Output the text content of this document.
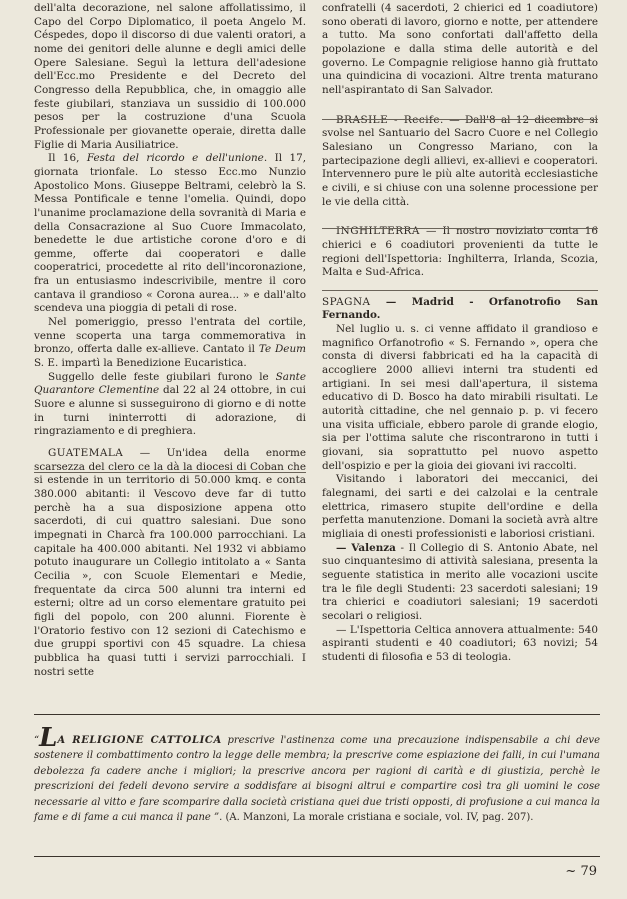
dell'alta decorazione, nel salone affollatissimo, il Capo del Corpo Diplomatico, il poeta Angelo M. Céspedes, dopo il discorso di due valenti oratori, a nome dei genitori delle alunne e degli amici delle Opere Salesiane. Seguì la lettura dell'adesione dell'Ecc.mo Presidente e del Decreto del Congresso della Repubblica, che, in omaggio alle feste giubilari, stanziava un sussidio di 100.000 pesos per la costruzione d'una Scuola Professionale per giovanette operaie, diretta dalle Figlie di Maria Ausiliatrice.

Il 16, Festa del ricordo e dell'unione. Il 17, giornata trionfale. Lo stesso Ecc.mo Nunzio Apostolico Mons. Giuseppe Beltrami, celebrò la S. Messa Pontificale e tenne l'omelia. Quindi, dopo l'unanime proclamazione della sovranità di Maria e della Consacrazione al Suo Cuore Immacolato, benedette le due artistiche corone d'oro e di gemme, offerte dai cooperatori e dalle cooperatrici, procedette al rito dell'incoronazione, fra un entusiasmo indescrivibile, mentre il coro cantava il grandioso « Corona aurea... » e dall'alto scendeva una pioggia di petali di rose.

Nel pomeriggio, presso l'entrata del cortile, venne scoperta una targa commemorativa in bronzo, offerta dalle ex-allieve. Cantato il Te Deum S. E. impartì la Benedizione Eucaristica.

Suggello delle feste giubilari furono le Sante Quarantore Clementine dal 22 al 24 ottobre, in cui Suore e alunne si susseguirono di giorno e di notte in turni ininterrotti di adorazione, di ringraziamento e di preghiera.

GUATEMALA — Un'idea della enorme scarsezza del clero ce la dà la diocesi di Coban che si estende in un territorio di 50.000 kmq. e conta 380.000 abitanti: il Vescovo deve far di tutto perchè ha a sua disposizione appena otto sacerdoti, di cui quattro salesiani. Due sono impegnati in Charcà fra 100.000 parrocchiani. La capitale ha 400.000 abitanti. Nel 1932 vi abbiamo potuto inaugurare un Collegio intitolato a « Santa Cecilia », con Scuole Elementari e Medie, frequentate da circa 500 alunni tra interni ed esterni; oltre ad un corso elementare gratuito pei figli del popolo, con 200 alunni. Fiorente è l'Oratorio festivo con 12 sezioni di Catechismo e due gruppi sportivi con 45 squadre. La chiesa pubblica ha quasi tutti i servizi parrocchiali. I nostri sette

confratelli (4 sacerdoti, 2 chierici ed 1 coadiutore) sono oberati di lavoro, giorno e notte, per attendere a tutto. Ma sono confortati dall'affetto della popolazione e dalla stima delle autorità e del governo. Le Compagnie religiose hanno già fruttato una quindicina di vocazioni. Altre trenta maturano nell'aspirantato di San Salvador.

BRASILE - Recife. — Dall'8 al 12 dicembre si svolse nel Santuario del Sacro Cuore e nel Collegio Salesiano un Congresso Mariano, con la partecipazione degli allievi, ex-allievi e cooperatori. Intervennero pure le più alte autorità ecclesiastiche e civili, e si chiuse con una solenne processione per le vie della città.

INGHILTERRA — Il nostro noviziato conta 16 chierici e 6 coadiutori provenienti da tutte le regioni dell'Ispettoria: Inghilterra, Irlanda, Scozia, Malta e Sud-Africa.

SPAGNA — Madrid - Orfanotrofio San Fernando.

Nel luglio u. s. ci venne affidato il grandioso e magnifico Orfanotrofio « S. Fernando », opera che consta di diversi fabbricati ed ha la capacità di accogliere 2000 allievi interni tra studenti ed artigiani. In sei mesi dall'apertura, il sistema educativo di D. Bosco ha dato mirabili risultati. Le autorità cittadine, che nel gennaio p. p. vi fecero una visita ufficiale, ebbero parole di grande elogio, sia per l'ottima salute che riscontrarono in tutti i giovani, sia soprattutto pel nuovo aspetto dell'ospizio e per la gioia dei giovani ivi raccolti.

Visitando i laboratori dei meccanici, dei falegnami, dei sarti e dei calzolai e la centrale elettrica, rimasero stupite dell'ordine e della perfetta manutenzione. Domani la società avrà altre migliaia di onesti professionisti e laboriosi cristiani.

— Valenza - Il Collegio di S. Antonio Abate, nel suo cinquantesimo di attività salesiana, presenta la seguente statistica in merito alle vocazioni uscite tra le file degli Studenti: 23 sacerdoti salesiani; 19 tra chierici e coadiutori salesiani; 19 sacerdoti secolari o religiosi.

— L'Ispettoria Celtica annovera attualmente: 540 aspiranti studenti e 40 coadiutori; 63 novizi; 54 studenti di filosofia e 53 di teologia.

“LA RELIGIONE CATTOLICA prescrive l'astinenza come una precauzione indispensabile a chi deve sostenere il combattimento contro la legge delle membra; la prescrive come espiazione dei falli, in cui l'umana debolezza fa cadere anche i migliori; la prescrive ancora per ragioni di carità e di giustizia, perchè le prescrizioni dei fedeli devono servire a soddisfare ai bisogni altrui e compartire così tra gli uomini le cose necessarie al vitto e fare scomparire dalla società cristiana quei due tristi opposti, di profusione a cui manca la fame e di fame a cui manca il pane ”. (A. Manzoni, La morale cristiana e sociale, vol. IV, pag. 207).

~ 79
